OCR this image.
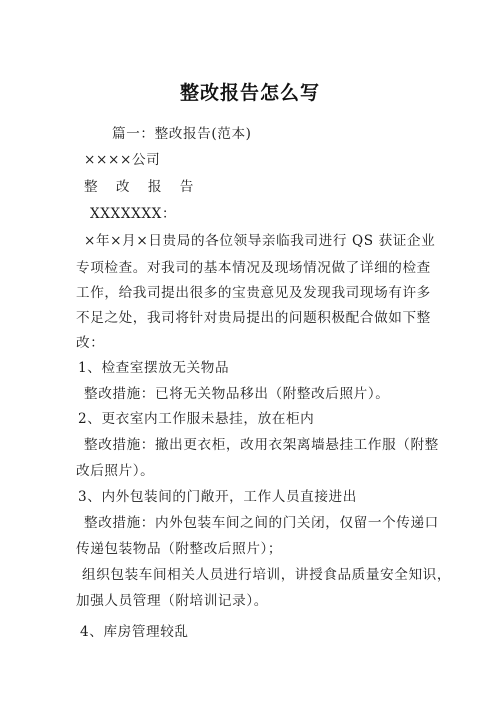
整改报告怎么写
篇一：整改报告(范本)
××××公司
整 改 报 告
XXXXXXX：
×年×月×日贵局的各位领导亲临我司进行 QS 获证企业
专项检查。对我司的基本情况及现场情况做了详细的检查
工作，给我司提出很多的宝贵意见及发现我司现场有许多
不足之处，我司将针对贵局提出的问题积极配合做如下整
改：
1、检查室摆放无关物品
整改措施：已将无关物品移出（附整改后照片）。
2、更衣室内工作服未悬挂，放在柜内
整改措施：撤出更衣柜，改用衣架离墙悬挂工作服（附整
改后照片）。
3、内外包装间的门敞开，工作人员直接进出
整改措施：内外包装车间之间的门关闭，仅留一个传递口
传递包装物品（附整改后照片）；
组织包装车间相关人员进行培训，讲授食品质量安全知识，
加强人员管理（附培训记录）。
4、库房管理较乱
